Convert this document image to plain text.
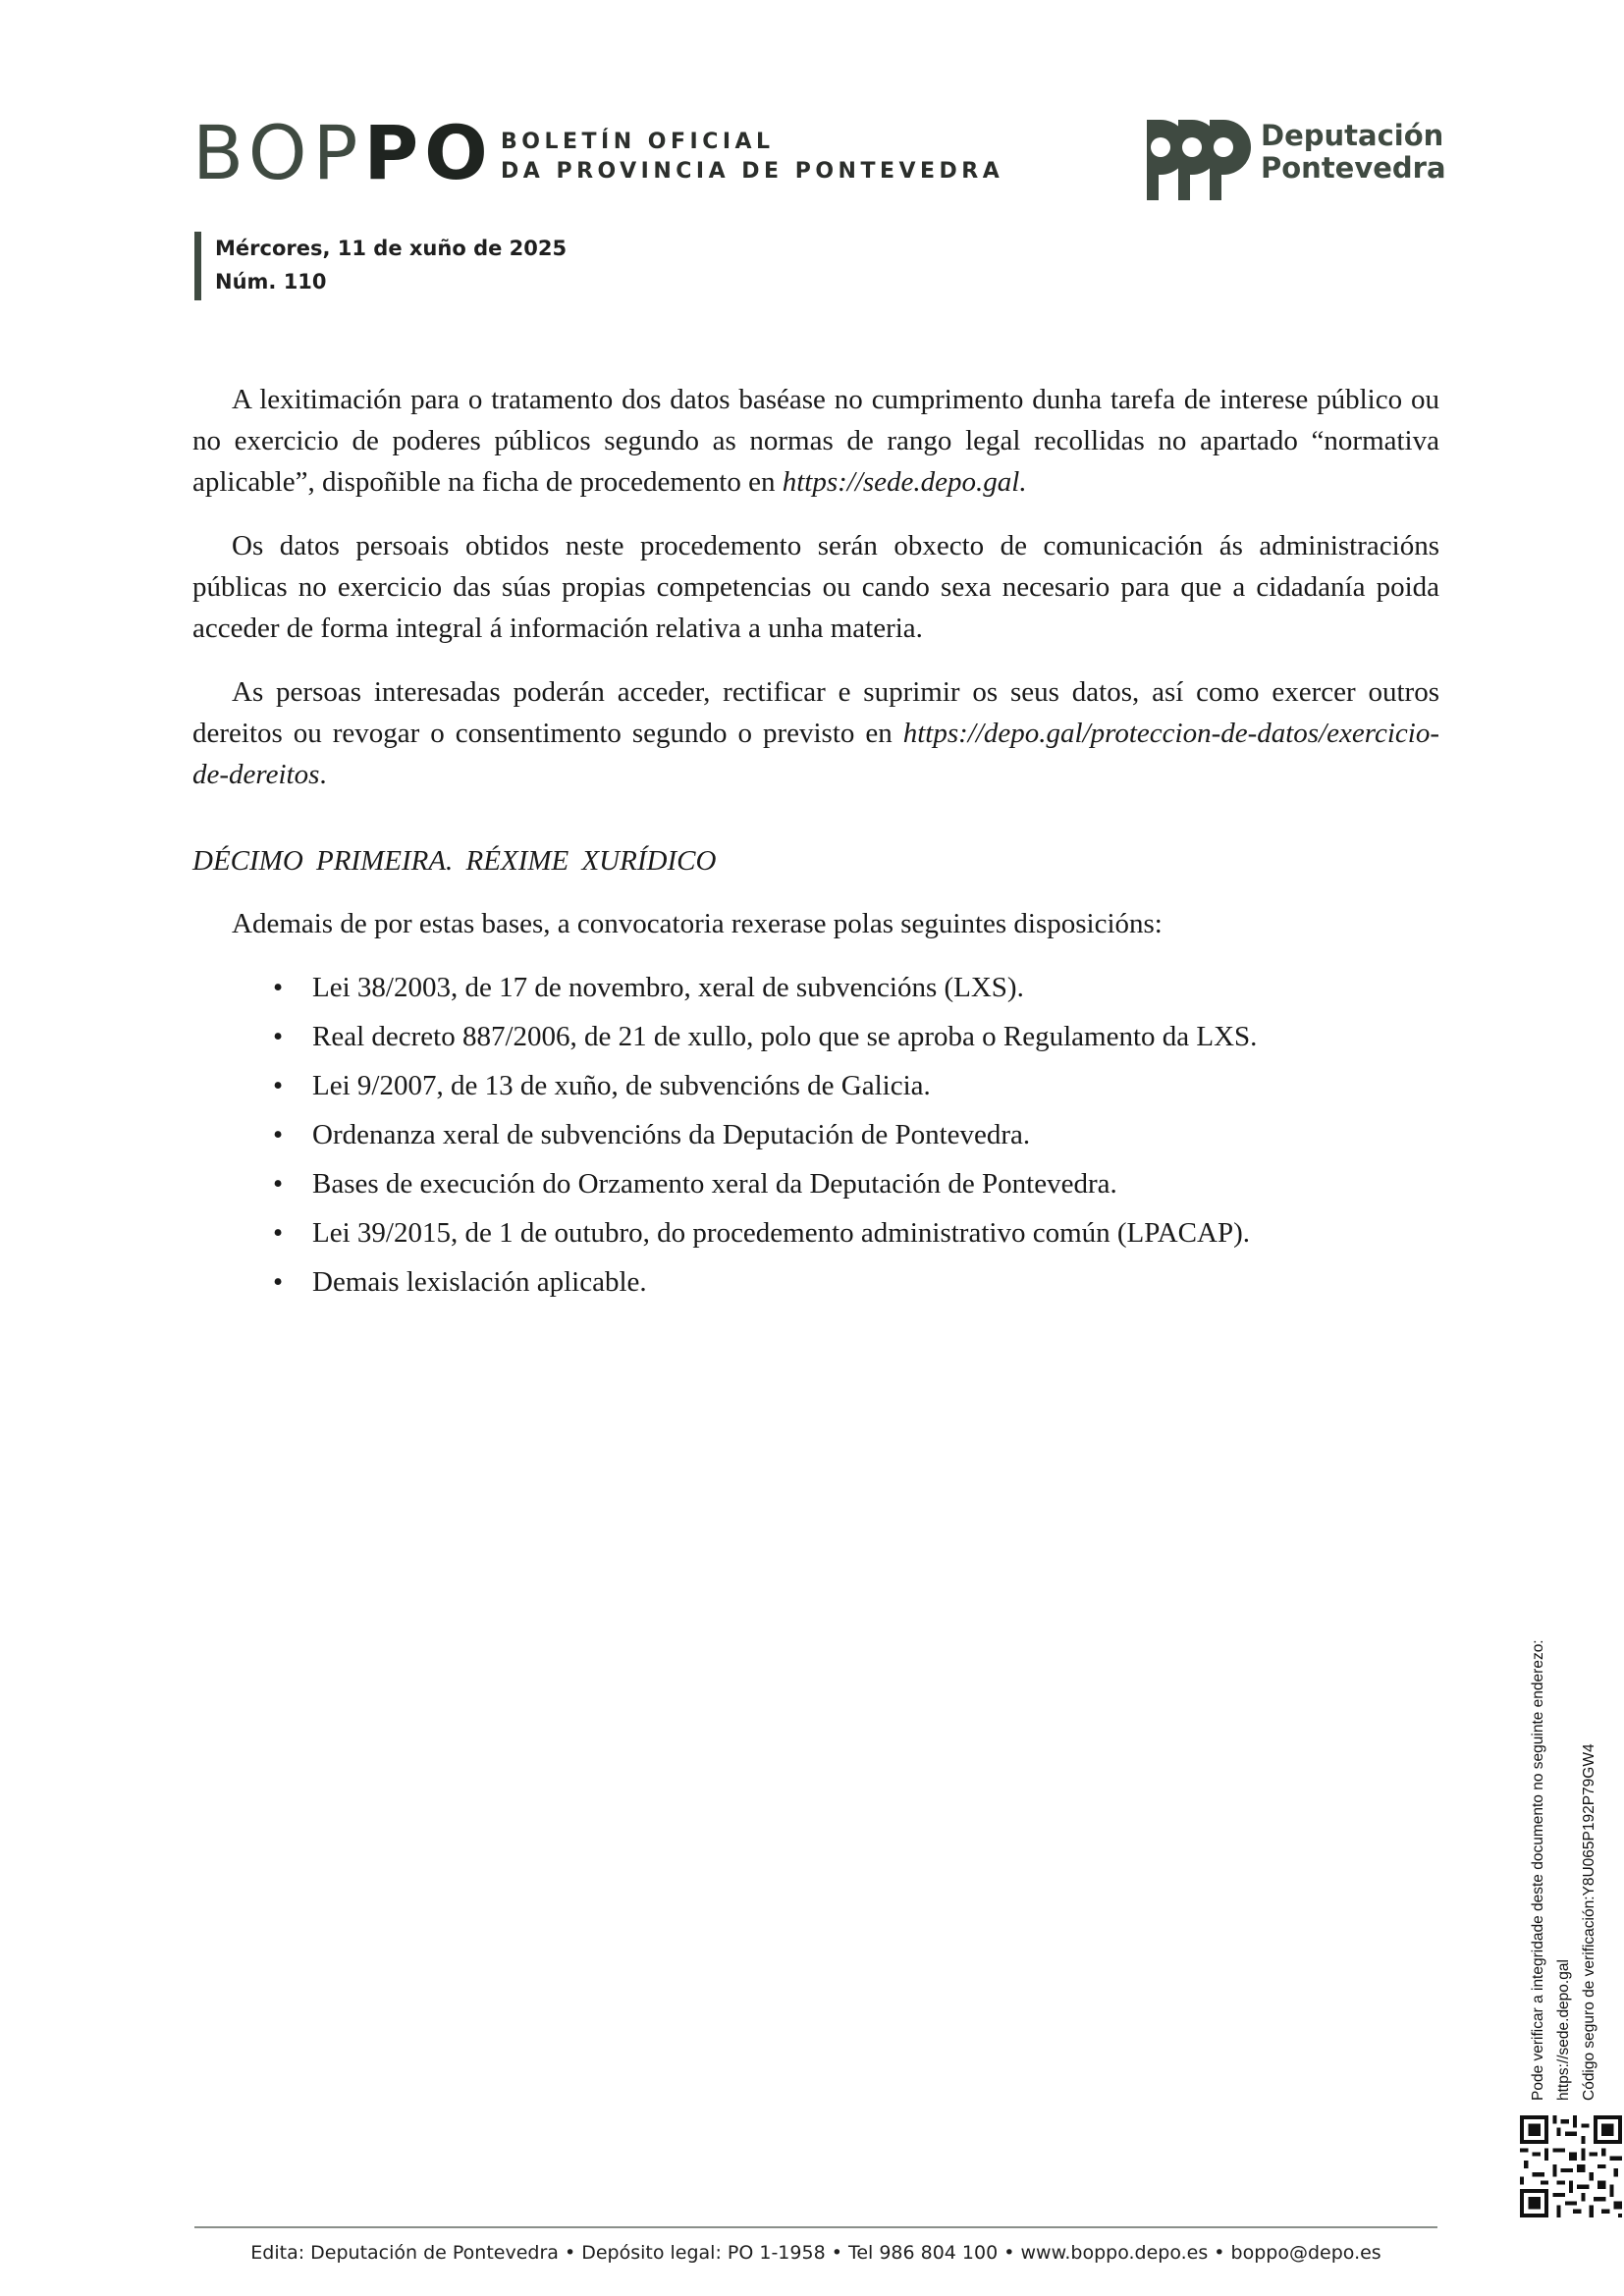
BOPPO BOLETÍN OFICIAL
DA PROVINCIA DE PONTEVEDRA
Deputación
Pontevedra
Mércores, 11 de xuño de 2025
Núm. 110

A lexitimación para o tratamento dos datos baséase no cumprimento dunha tarefa de interese público ou no exercicio de poderes públicos segundo as normas de rango legal recollidas no apartado “normativa aplicable”, dispoñible na ficha de procedemento en https://sede.depo.gal.

Os datos persoais obtidos neste procedemento serán obxecto de comunicación ás administracións públicas no exercicio das súas propias competencias ou cando sexa necesario para que a cidadanía poida acceder de forma integral á información relativa a unha materia.

As persoas interesadas poderán acceder, rectificar e suprimir os seus datos, así como exercer outros dereitos ou revogar o consentimento segundo o previsto en https://depo.gal/proteccion-de-datos/exercicio-de-dereitos.

DÉCIMO PRIMEIRA. RÉXIME XURÍDICO

Ademais de por estas bases, a convocatoria rexerase polas seguintes disposicións:

• Lei 38/2003, de 17 de novembro, xeral de subvencións (LXS).
• Real decreto 887/2006, de 21 de xullo, polo que se aproba o Regulamento da LXS.
• Lei 9/2007, de 13 de xuño, de subvencións de Galicia.
• Ordenanza xeral de subvencións da Deputación de Pontevedra.
• Bases de execución do Orzamento xeral da Deputación de Pontevedra.
• Lei 39/2015, de 1 de outubro, do procedemento administrativo común (LPACAP).
• Demais lexislación aplicable.
Pode verificar a integridade deste documento no seguinte enderezo: https://sede.depo.gal Código seguro de verificación:Y8U065P192P79GW4
Edita: Deputación de Pontevedra • Depósito legal: PO 1-1958 • Tel 986 804 100 • www.boppo.depo.es • boppo@depo.es
